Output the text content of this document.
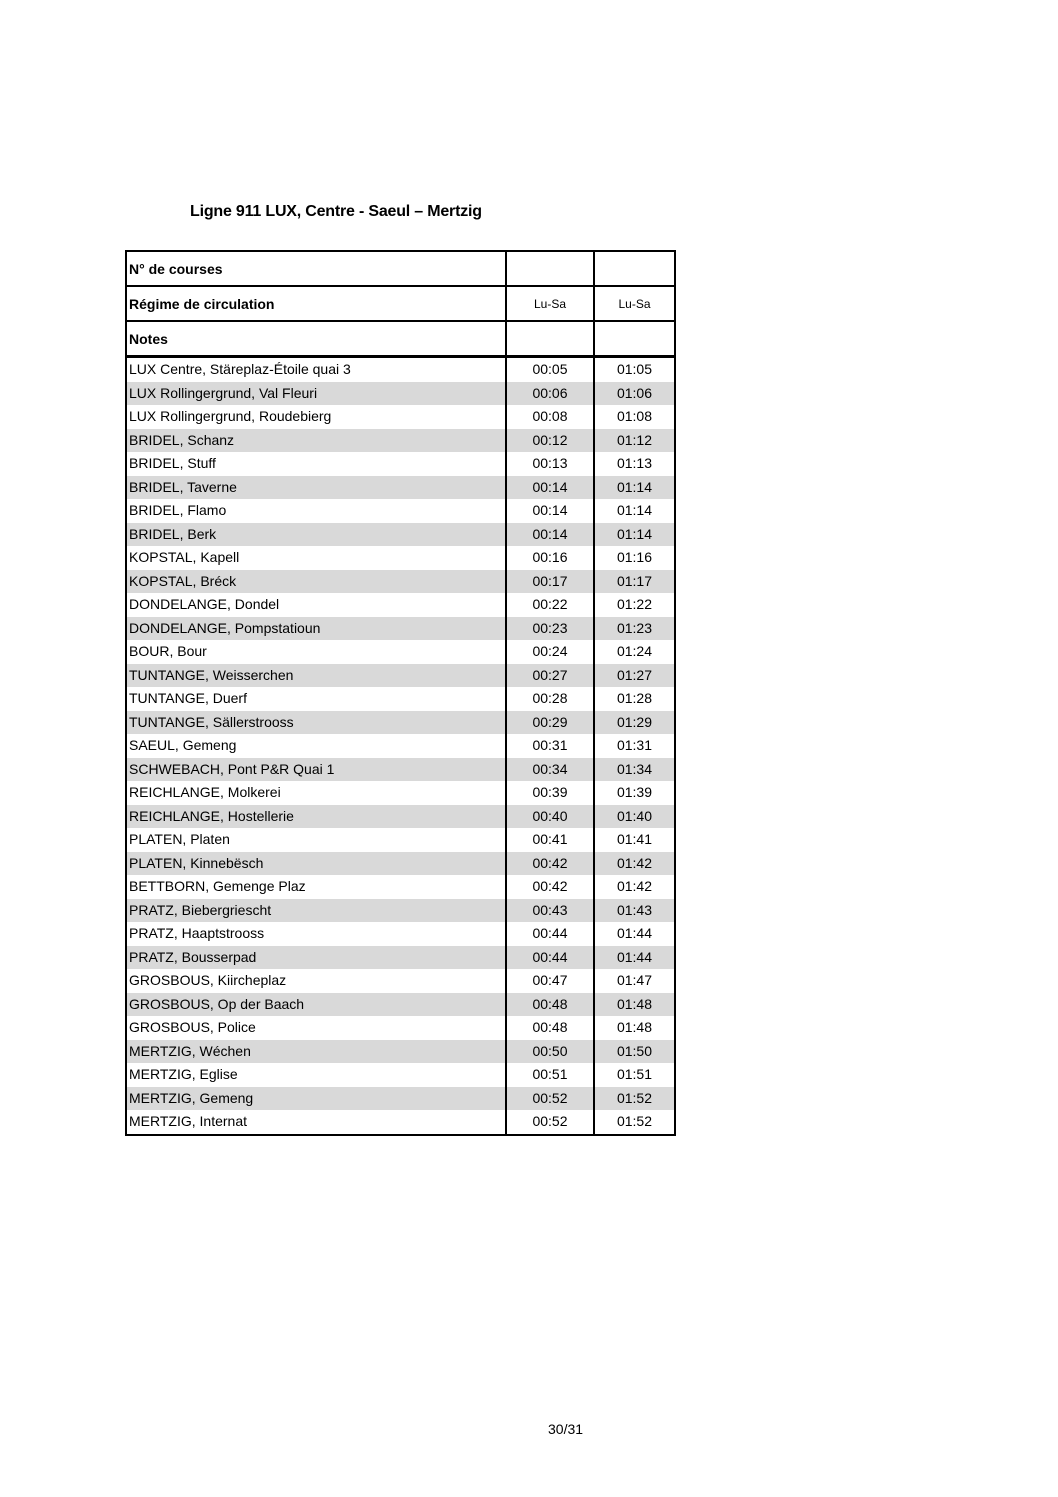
Ligne 911 LUX, Centre - Saeul – Mertzig
N° de courses		
Régime de circulation	Lu-Sa	Lu-Sa
Notes		
LUX Centre, Stäreplaz-Étoile quai 3	00:05	01:05
LUX Rollingergrund, Val Fleuri	00:06	01:06
LUX Rollingergrund, Roudebierg	00:08	01:08
BRIDEL, Schanz	00:12	01:12
BRIDEL, Stuff	00:13	01:13
BRIDEL, Taverne	00:14	01:14
BRIDEL, Flamo	00:14	01:14
BRIDEL, Berk	00:14	01:14
KOPSTAL, Kapell	00:16	01:16
KOPSTAL, Bréck	00:17	01:17
DONDELANGE, Dondel	00:22	01:22
DONDELANGE, Pompstatioun	00:23	01:23
BOUR, Bour	00:24	01:24
TUNTANGE, Weisserchen	00:27	01:27
TUNTANGE, Duerf	00:28	01:28
TUNTANGE, Sällerstrooss	00:29	01:29
SAEUL, Gemeng	00:31	01:31
SCHWEBACH, Pont P&R Quai 1	00:34	01:34
REICHLANGE, Molkerei	00:39	01:39
REICHLANGE, Hostellerie	00:40	01:40
PLATEN, Platen	00:41	01:41
PLATEN, Kinnebësch	00:42	01:42
BETTBORN, Gemenge Plaz	00:42	01:42
PRATZ, Biebergriescht	00:43	01:43
PRATZ, Haaptstrooss	00:44	01:44
PRATZ, Bousserpad	00:44	01:44
GROSBOUS, Kiircheplaz	00:47	01:47
GROSBOUS, Op der Baach	00:48	01:48
GROSBOUS, Police	00:48	01:48
MERTZIG, Wéchen	00:50	01:50
MERTZIG, Eglise	00:51	01:51
MERTZIG, Gemeng	00:52	01:52
MERTZIG, Internat	00:52	01:52
30/31
